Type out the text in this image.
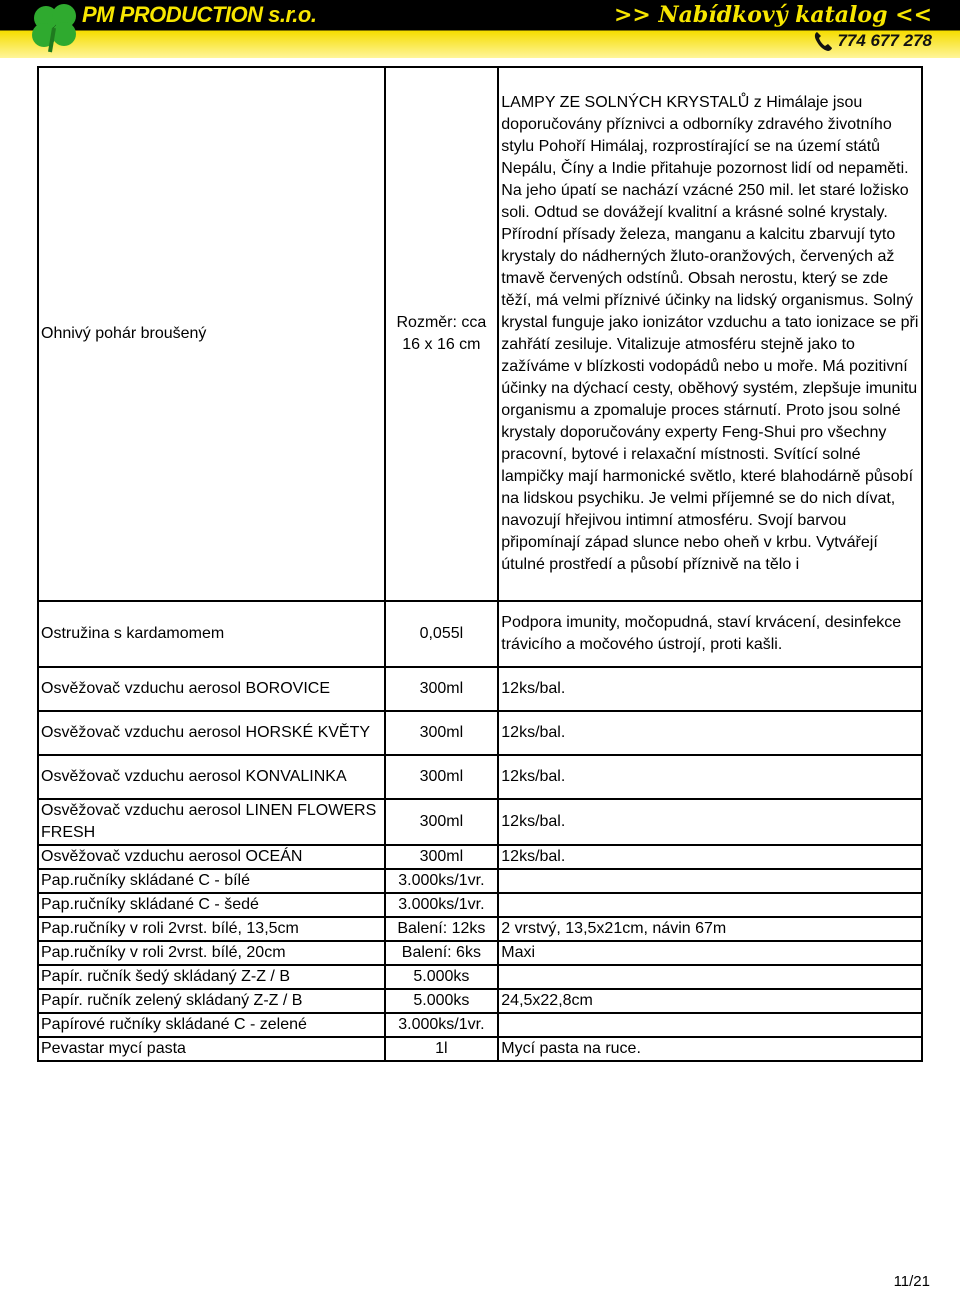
PM PRODUCTION s.r.o.	>> Nabídkový katalog <<
774 677 278
Ohnivý pohár broušený	Rozměr: cca 16 x 16 cm	LAMPY ZE SOLNÝCH KRYSTALŮ z Himálaje jsou doporučovány příznivci a odborníky zdravého životního stylu Pohoří Himálaj, rozprostírající se na území států Nepálu, Číny a Indie přitahuje pozornost lidí od nepaměti. Na jeho úpatí se nachází vzácné 250 mil. let staré ložisko soli. Odtud se dovážejí kvalitní a krásné solné krystaly. Přírodní přísady železa, manganu a kalcitu zbarvují tyto krystaly do nádherných žluto-oranžových, červených až tmavě červených odstínů. Obsah nerostu, který se zde těží, má velmi příznivé účinky na lidský organismus. Solný krystal funguje jako ionizátor vzduchu a tato ionizace se při zahřátí zesiluje. Vitalizuje atmosféru stejně jako to zažíváme v blízkosti vodopádů nebo u moře. Má pozitivní účinky na dýchací cesty, oběhový systém, zlepšuje imunitu organismu a zpomaluje proces stárnutí. Proto jsou solné krystaly doporučovány experty Feng-Shui pro všechny pracovní, bytové i relaxační místnosti. Svítící solné lampičky mají harmonické světlo, které blahodárně působí na lidskou psychiku. Je velmi příjemné se do nich dívat, navozují hřejivou intimní atmosféru. Svojí barvou připomínají západ slunce nebo oheň v krbu. Vytvářejí útulné prostředí a působí příznivě na tělo i
Ostružina s kardamomem	0,055l	Podpora imunity, močopudná, staví krvácení, desinfekce trávicího a močového ústrojí, proti kašli.
Osvěžovač vzduchu aerosol BOROVICE	300ml	12ks/bal.
Osvěžovač vzduchu aerosol HORSKÉ KVĚTY	300ml	12ks/bal.
Osvěžovač vzduchu aerosol KONVALINKA	300ml	12ks/bal.
Osvěžovač vzduchu aerosol LINEN FLOWERS FRESH	300ml	12ks/bal.
Osvěžovač vzduchu aerosol OCEÁN	300ml	12ks/bal.
Pap.ručníky skládané C - bílé	3.000ks/1vr.	
Pap.ručníky skládané C - šedé	3.000ks/1vr.	
Pap.ručníky v roli 2vrst. bílé, 13,5cm	Balení: 12ks	2 vrstvý, 13,5x21cm, návin 67m
Pap.ručníky v roli 2vrst. bílé, 20cm	Balení: 6ks	Maxi
Papír. ručník šedý skládaný Z-Z / B	5.000ks	
Papír. ručník zelený skládaný Z-Z / B	5.000ks	24,5x22,8cm
Papírové ručníky skládané C - zelené	3.000ks/1vr.	
Pevastar mycí pasta	1l	Mycí pasta na ruce.
11/21
